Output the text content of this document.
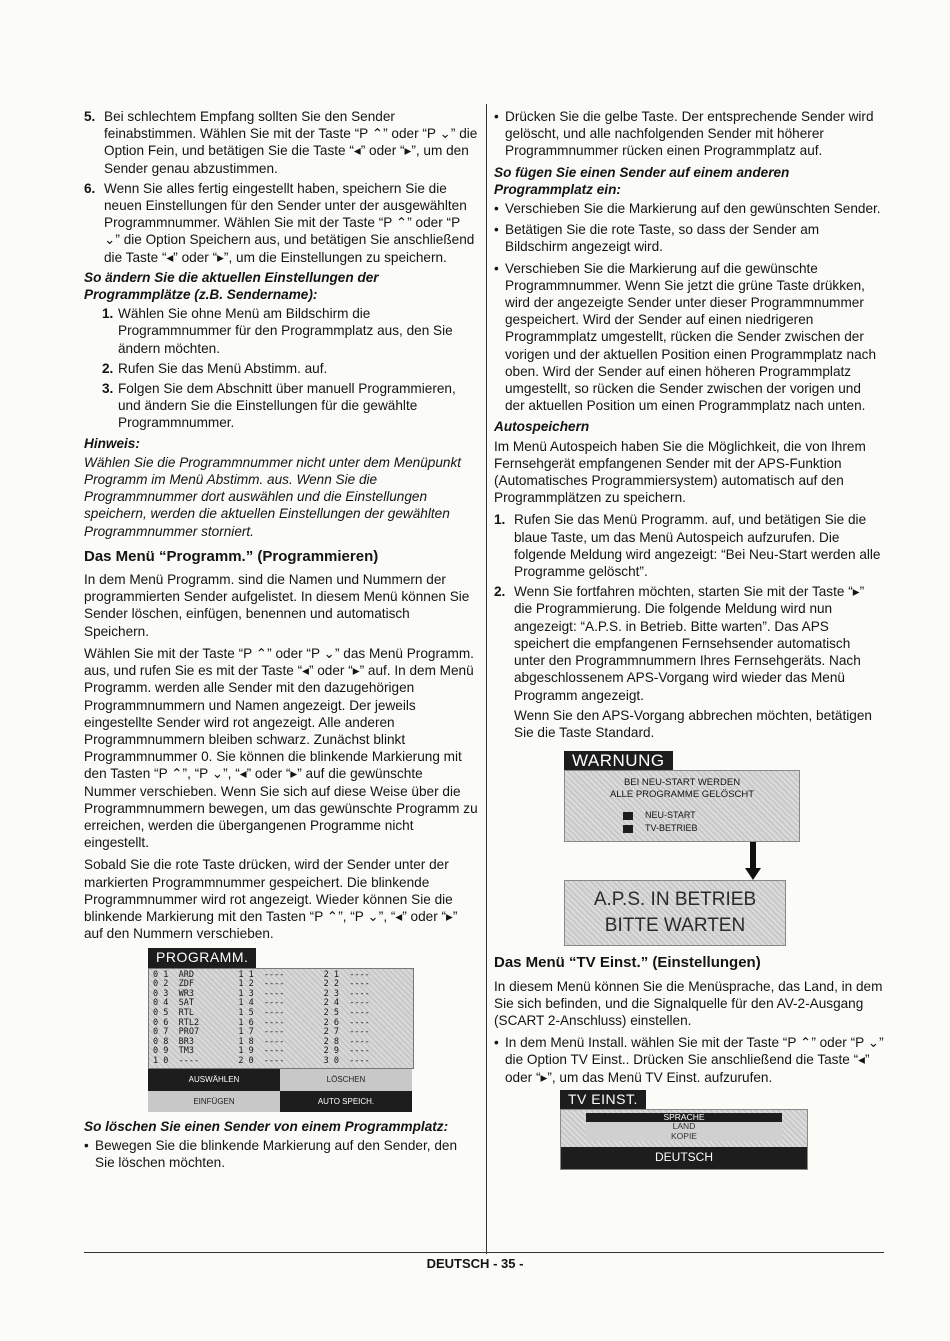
5. Bei schlechtem Empfang sollten Sie den Sender feinabstimmen. Wählen Sie mit der Taste “P ⌃” oder “P ⌄” die Option Fein, und betätigen Sie die Taste “◂” oder “▸”, um den Sender genau abzustimmen.
6. Wenn Sie alles fertig eingestellt haben, speichern Sie die neuen Einstellungen für den Sender unter der ausgewählten Programmnummer. Wählen Sie mit der Taste “P ⌃” oder “P ⌄” die Option Speichern aus, und betätigen Sie anschließend die Taste “◂” oder “▸”, um die Einstellungen zu speichern.
So ändern Sie die aktuellen Einstellungen der Programmplätze (z.B. Sendername):
1. Wählen Sie ohne Menü am Bildschirm die Programmnummer für den Programmplatz aus, den Sie ändern möchten.
2. Rufen Sie das Menü Abstimm. auf.
3. Folgen Sie dem Abschnitt über manuell Programmieren, und ändern Sie die Einstellungen für die gewählte Programmnummer.
Hinweis:

Wählen Sie die Programmnummer nicht unter dem Menüpunkt Programm im Menü Abstimm. aus. Wenn Sie die Programmnummer dort auswählen und die Einstellungen speichern, werden die aktuellen Einstellungen der gewählten Programmnummer storniert.

Das Menü “Programm.” (Programmieren)

In dem Menü Programm. sind die Namen und Nummern der programmierten Sender aufgelistet. In diesem Menü können Sie Sender löschen, einfügen, benennen und automatisch Speichern.

Wählen Sie mit der Taste “P ⌃” oder “P ⌄” das Menü Programm. aus, und rufen Sie es mit der Taste “◂” oder “▸” auf. In dem Menü Programm. werden alle Sender mit den dazugehörigen Programmnummern und Namen angezeigt. Der jeweils eingestellte Sender wird rot angezeigt. Alle anderen Programmnummern bleiben schwarz. Zunächst blinkt Programmnummer 0. Sie können die blinkende Markierung mit den Tasten “P ⌃”, “P ⌄”, “◂” oder “▸” auf die gewünschte Nummer verschieben. Wenn Sie sich auf diese Weise über die Programmnummern bewegen, um das gewünschte Programm zu erreichen, werden die übergangenen Programme nicht eingestellt.

Sobald Sie die rote Taste drücken, wird der Sender unter der markierten Programmnummer gespeichert. Die blinkende Programmnummer wird rot angezeigt. Wieder können Sie die blinkende Markierung mit den Tasten “P ⌃”, “P ⌄”, “◂” oder “▸” auf den Nummern verschieben.

PROGRAMM.
0 1  ARD	1 1  ----	2 1  ----
0 2  ZDF	1 2  ----	2 2  ----
0 3  WR3	1 3  ----	2 3  ----
0 4  SAT	1 4  ----	2 4  ----
0 5  RTL	1 5  ----	2 5  ----
0 6  RTL2	1 6  ----	2 6  ----
0 7  PRO7	1 7  ----	2 7  ----
0 8  BR3	1 8  ----	2 8  ----
0 9  TM3	1 9  ----	2 9  ----
1 0  ----	2 0  ----	3 0  ----
AUSWÄHLEN	LÖSCHEN
EINFÜGEN	AUTO SPEICH.
So löschen Sie einen Sender von einem Programmplatz:
• Bewegen Sie die blinkende Markierung auf den Sender, den Sie löschen möchten.
• Drücken Sie die gelbe Taste. Der entsprechende Sender wird gelöscht, und alle nachfolgenden Sender mit höherer Programmnummer rücken einen Programmplatz auf.
So fügen Sie einen Sender auf einem anderen Programmplatz ein:
• Verschieben Sie die Markierung auf den gewünschten Sender.
• Betätigen Sie die rote Taste, so dass der Sender am Bildschirm angezeigt wird.
• Verschieben Sie die Markierung auf die gewünschte Programmnummer. Wenn Sie jetzt die grüne Taste drükken, wird der angezeigte Sender unter dieser Programmnummer gespeichert. Wird der Sender auf einen niedrigeren Programmplatz umgestellt, rücken die Sender zwischen der vorigen und der aktuellen Position einen Programmplatz nach oben. Wird der Sender auf einen höheren Programmplatz umgestellt, so rücken die Sender zwischen der vorigen und der aktuellen Position um einen Programmplatz nach unten.
Autospeichern

Im Menü Autospeich haben Sie die Möglichkeit, die von Ihrem Fernsehgerät empfangenen Sender mit der APS-Funktion (Automatisches Programmiersystem) automatisch auf den Programmplätzen zu speichern.

1. Rufen Sie das Menü Programm. auf, und betätigen Sie die blaue Taste, um das Menü Autospeich aufzurufen. Die folgende Meldung wird angezeigt: “Bei Neu-Start werden alle Programme gelöscht”.
2. Wenn Sie fortfahren möchten, starten Sie mit der Taste “▸” die Programmierung. Die folgende Meldung wird nun angezeigt: “A.P.S. in Betrieb. Bitte warten”. Das APS speichert die empfangenen Fernsehsender automatisch unter den Programmnummern Ihres Fernsehgeräts. Nach abgeschlossenem APS-Vorgang wird wieder das Menü Programm angezeigt.

Wenn Sie den APS-Vorgang abbrechen möchten, betätigen Sie die Taste Standard.

WARNUNG
BEI NEU-START WERDEN
ALLE PROGRAMME GELÖSCHT
NEU-START
TV-BETRIEB
A.P.S. IN BETRIEB
BITTE WARTEN
Das Menü “TV Einst.” (Einstellungen)

In diesem Menü können Sie die Menüsprache, das Land, in dem Sie sich befinden, und die Signalquelle für den AV-2-Ausgang (SCART 2-Anschluss) einstellen.

• In dem Menü Install. wählen Sie mit der Taste “P ⌃” oder “P ⌄” die Option TV Einst.. Drücken Sie anschließend die Taste “◂” oder “▸”, um das Menü TV Einst. aufzurufen.
TV EINST.
SPRACHE
LAND
KOPIE
DEUTSCH
DEUTSCH - 35 -
